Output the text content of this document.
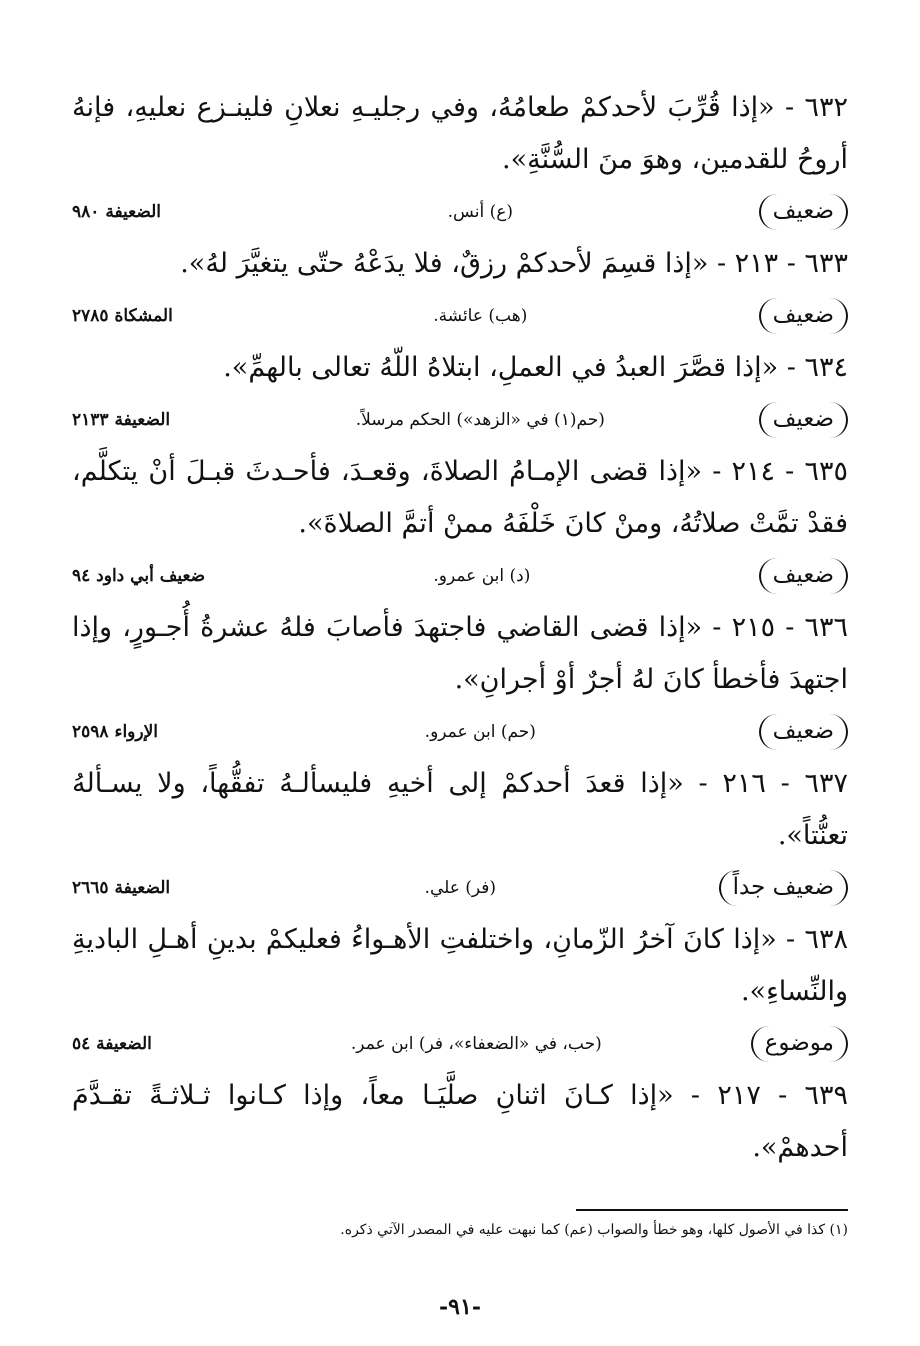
٦٣٢ - «إذا قُرِّبَ لأحدكمْ طعامُهُ، وفي رجليـهِ نعلانِ فلينـزع نعليهِ، فإنهُ أروحُ للقدمين، وهوَ منَ السُّنَّةِ».

ضعيف
(ع) أنس.
الضعيفة ٩٨٠

٦٣٣ - ٢١٣ - «إذا قسِمَ لأحدكمْ رزقٌ، فلا يدَعْهُ حتّى يتغيَّرَ لهُ».

ضعيف
(هب) عائشة.
المشكاة ٢٧٨٥

٦٣٤ - «إذا قصَّرَ العبدُ في العملِ، ابتلاهُ اللّهُ تعالى بالهمِّ».

ضعيف
(حم(١) في «الزهد») الحكم مرسلاً.
الضعيفة ٢١٣٣

٦٣٥ - ٢١٤ - «إذا قضى الإمـامُ الصلاةَ، وقعـدَ، فأحـدثَ قبـلَ أنْ يتكلَّم، فقدْ تمَّتْ صلاتُهُ، ومنْ كانَ خَلْفَهُ ممنْ أتمَّ الصلاةَ».

ضعيف
(د) ابن عمرو.
ضعيف أبي داود ٩٤

٦٣٦ - ٢١٥ - «إذا قضى القاضي فاجتهدَ فأصابَ فلهُ عشرةُ أُجـورٍ، وإذا اجتهدَ فأخطأ كانَ لهُ أجرٌ أوْ أجرانِ».

ضعيف
(حم) ابن عمرو.
الإرواء ٢٥٩٨

٦٣٧ - ٢١٦ - «إذا قعدَ أحدكمْ إلى أخيهِ فليسألـهُ تفقُّهاً، ولا يسـألهُ تعنُّتاً».

ضعيف جداً
(فر) علي.
الضعيفة ٢٦٦٥

٦٣٨ - «إذا كانَ آخرُ الزّمانِ، واختلفتِ الأهـواءُ فعليكمْ بدينِ أهـلِ الباديةِ والنِّساءِ».

موضوع
(حب، في «الضعفاء»، فر) ابن عمر.
الضعيفة ٥٤

٦٣٩ - ٢١٧ - «إذا كـانَ اثنانِ صلَّيَـا معاً، وإذا كـانوا ثـلاثـةً تقـدَّمَ أحدهمْ».

(١) كذا في الأصول كلها، وهو خطأ والصواب (عم) كما نبهت عليه في المصدر الآتي ذكره.
-٩١-
